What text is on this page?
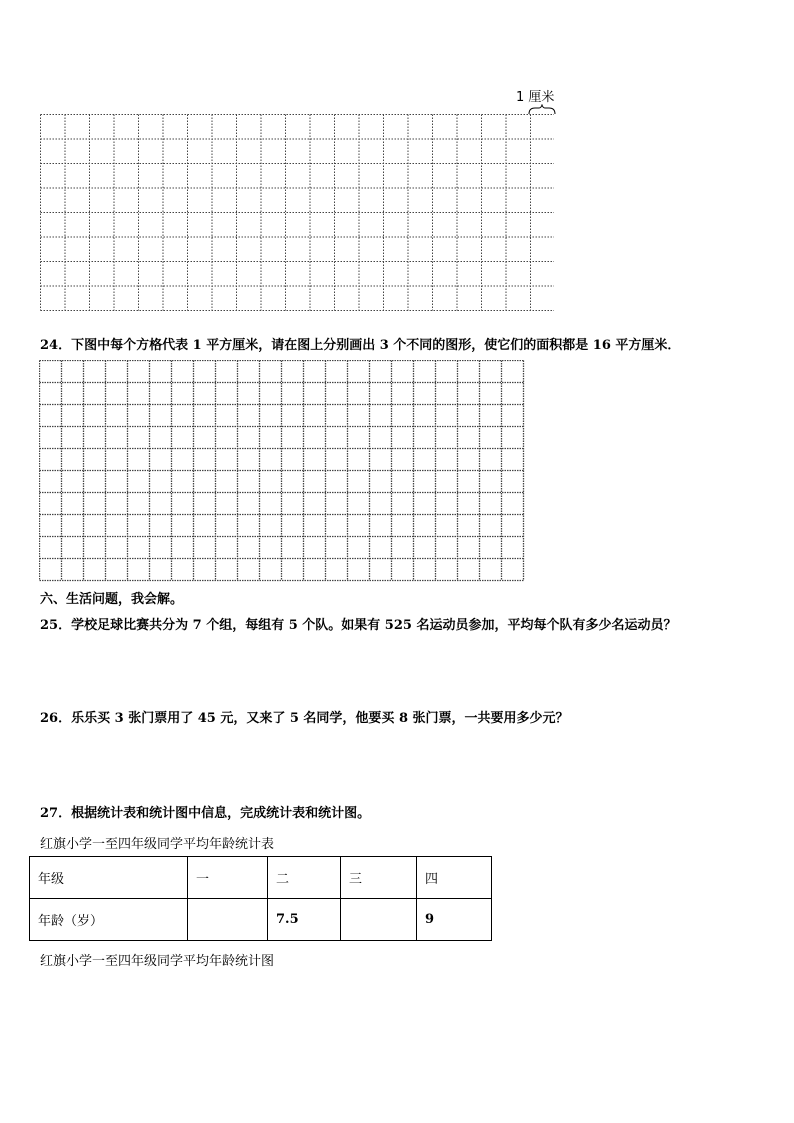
1 厘米
24．下图中每个方格代表 1 平方厘米，请在图上分别画出 3 个不同的图形，使它们的面积都是 16 平方厘米．
六、生活问题，我会解。
25．学校足球比赛共分为 7 个组，每组有 5 个队。如果有 525 名运动员参加，平均每个队有多少名运动员？
26．乐乐买 3 张门票用了 45 元，又来了 5 名同学，他要买 8 张门票，一共要用多少元？
27．根据统计表和统计图中信息，完成统计表和统计图。
红旗小学一至四年级同学平均年龄统计表
年级	一	二	三	四
年龄（岁）		7.5		9
红旗小学一至四年级同学平均年龄统计图
